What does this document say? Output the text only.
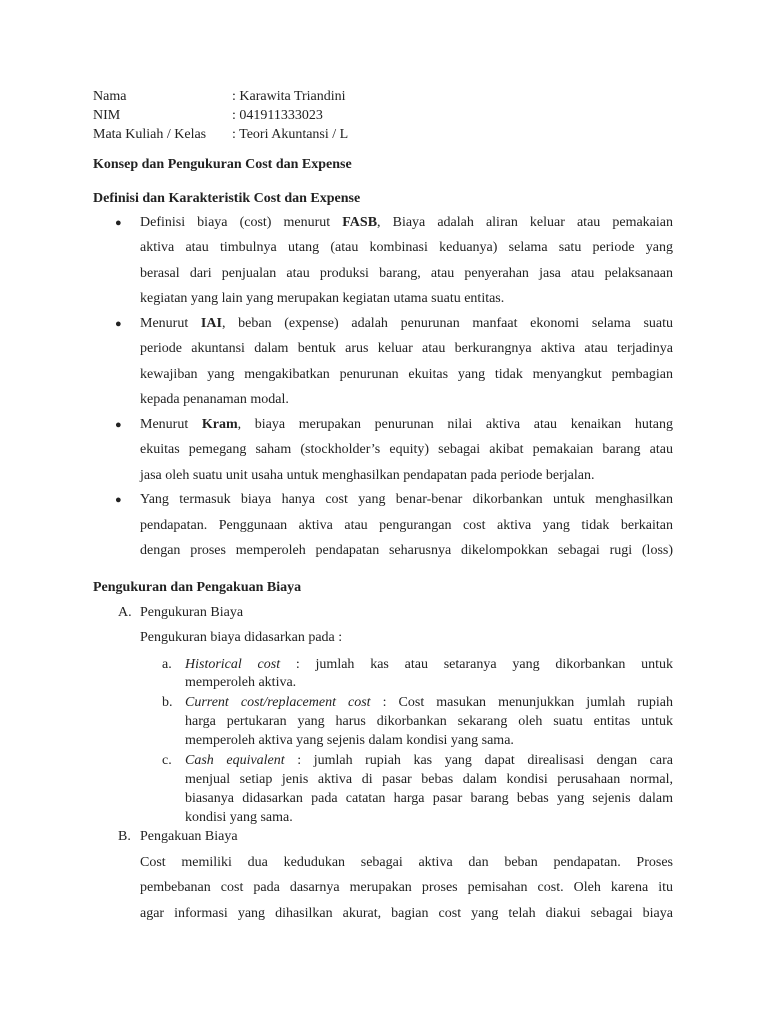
Nama	: Karawita Triandini
NIM	: 041911333023
Mata Kuliah / Kelas : Teori Akuntansi / L
Konsep dan Pengukuran Cost dan Expense
Definisi dan Karakteristik Cost dan Expense
● Definisi biaya (cost) menurut FASB, Biaya adalah aliran keluar atau pemakaian
aktiva atau timbulnya utang (atau kombinasi keduanya) selama satu periode yang
berasal dari penjualan atau produksi barang, atau penyerahan jasa atau pelaksanaan
kegiatan yang lain yang merupakan kegiatan utama suatu entitas.
● Menurut IAI, beban (expense) adalah penurunan manfaat ekonomi selama suatu
periode akuntansi dalam bentuk arus keluar atau berkurangnya aktiva atau terjadinya
kewajiban yang mengakibatkan penurunan ekuitas yang tidak menyangkut pembagian
kepada penanaman modal.
● Menurut Kram, biaya merupakan penurunan nilai aktiva atau kenaikan hutang
ekuitas pemegang saham (stockholder’s equity) sebagai akibat pemakaian barang atau
jasa oleh suatu unit usaha untuk menghasilkan pendapatan pada periode berjalan.
● Yang termasuk biaya hanya cost yang benar-benar dikorbankan untuk menghasilkan
pendapatan. Penggunaan aktiva atau pengurangan cost aktiva yang tidak berkaitan
dengan proses memperoleh pendapatan seharusnya dikelompokkan sebagai rugi (loss)
Pengukuran dan Pengakuan Biaya
A. Pengukuran Biaya
Pengukuran biaya didasarkan pada :
a. Historical cost : jumlah kas atau setaranya yang dikorbankan untuk
memperoleh aktiva.
b. Current cost/replacement cost : Cost masukan menunjukkan jumlah rupiah
harga pertukaran yang harus dikorbankan sekarang oleh suatu entitas untuk
memperoleh aktiva yang sejenis dalam kondisi yang sama.
c. Cash equivalent : jumlah rupiah kas yang dapat direalisasi dengan cara
menjual setiap jenis aktiva di pasar bebas dalam kondisi perusahaan normal,
biasanya didasarkan pada catatan harga pasar barang bebas yang sejenis dalam
kondisi yang sama.
B. Pengakuan Biaya
Cost memiliki dua kedudukan sebagai aktiva dan beban pendapatan. Proses
pembebanan cost pada dasarnya merupakan proses pemisahan cost. Oleh karena itu
agar informasi yang dihasilkan akurat, bagian cost yang telah diakui sebagai biaya
